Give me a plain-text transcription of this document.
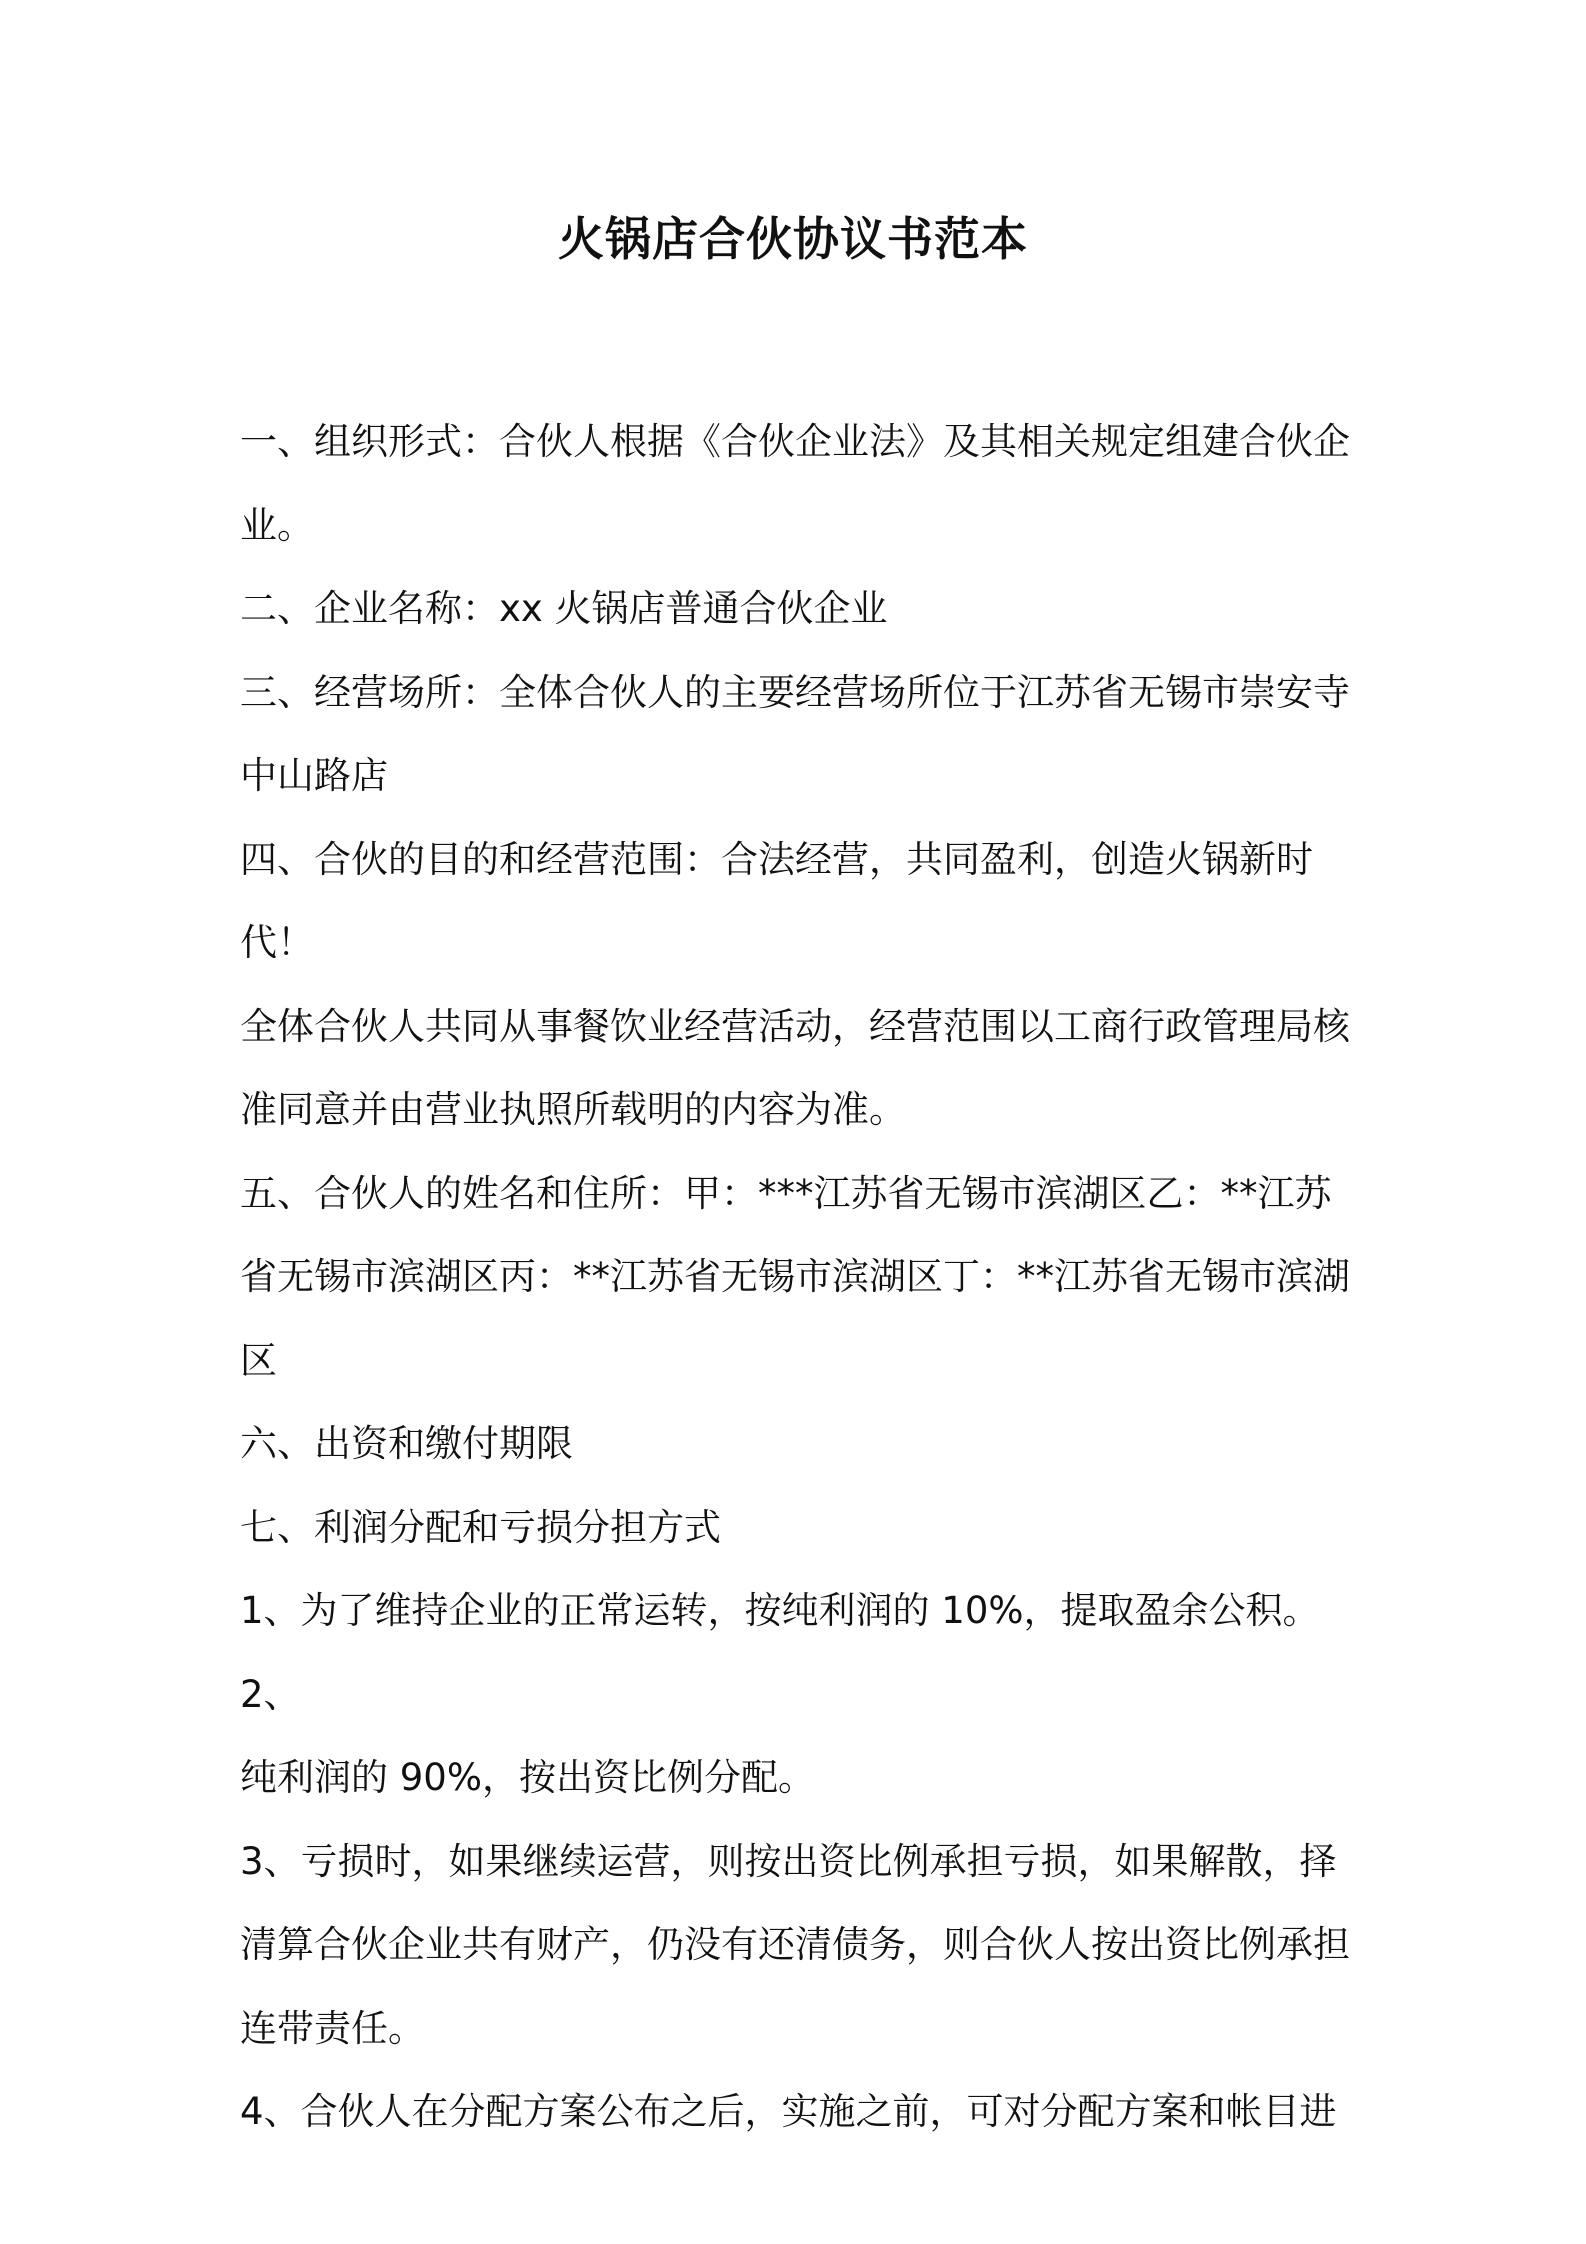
火锅店合伙协议书范本

一、组织形式：合伙人根据《合伙企业法》及其相关规定组建合伙企

业。

二、企业名称：xx 火锅店普通合伙企业

三、经营场所：全体合伙人的主要经营场所位于江苏省无锡市崇安寺

中山路店

四、合伙的目的和经营范围：合法经营，共同盈利，创造火锅新时代！

全体合伙人共同从事餐饮业经营活动，经营范围以工商行政管理局核

准同意并由营业执照所载明的内容为准。

五、合伙人的姓名和住所：甲：***江苏省无锡市滨湖区乙：**江苏

省无锡市滨湖区丙：**江苏省无锡市滨湖区丁：**江苏省无锡市滨湖

区

六、出资和缴付期限

七、利润分配和亏损分担方式

1、为了维持企业的正常运转，按纯利润的 10%，提取盈余公积。2、

纯利润的 90%，按出资比例分配。

3、亏损时，如果继续运营，则按出资比例承担亏损，如果解散，择

清算合伙企业共有财产，仍没有还清债务，则合伙人按出资比例承担

连带责任。

4、合伙人在分配方案公布之后，实施之前，可对分配方案和帐目进
